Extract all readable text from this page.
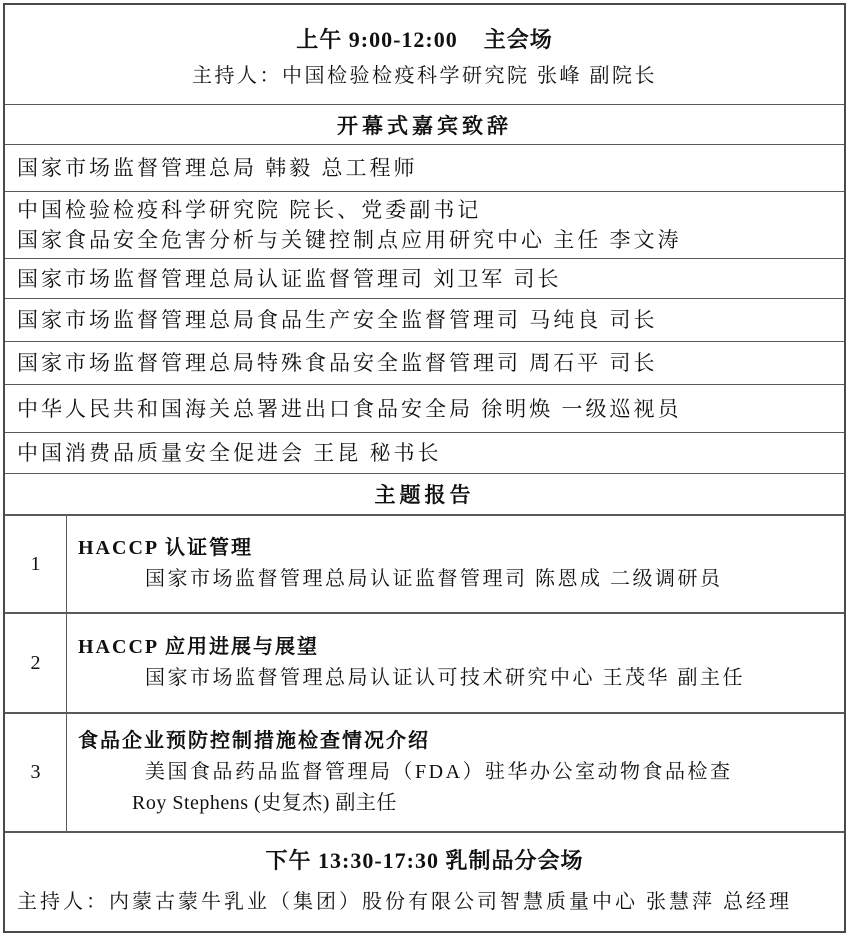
上午 9:00-12:00    主会场
主持人：中国检验检疫科学研究院 张峰 副院长
开幕式嘉宾致辞
国家市场监督管理总局 韩毅 总工程师
中国检验检疫科学研究院 院长、党委副书记
国家食品安全危害分析与关键控制点应用研究中心 主任 李文涛
国家市场监督管理总局认证监督管理司 刘卫军 司长
国家市场监督管理总局食品生产安全监督管理司 马纯良 司长
国家市场监督管理总局特殊食品安全监督管理司 周石平 司长
中华人民共和国海关总署进出口食品安全局 徐明焕 一级巡视员
中国消费品质量安全促进会 王昆 秘书长
主题报告
1
HACCP 认证管理
国家市场监督管理总局认证监督管理司 陈恩成 二级调研员
2
HACCP 应用进展与展望
国家市场监督管理总局认证认可技术研究中心 王茂华 副主任
3
食品企业预防控制措施检查情况介绍
美国食品药品监督管理局（FDA）驻华办公室动物食品检查
Roy Stephens (史复杰) 副主任
下午 13:30-17:30 乳制品分会场
主持人：内蒙古蒙牛乳业（集团）股份有限公司智慧质量中心 张慧萍 总经理
